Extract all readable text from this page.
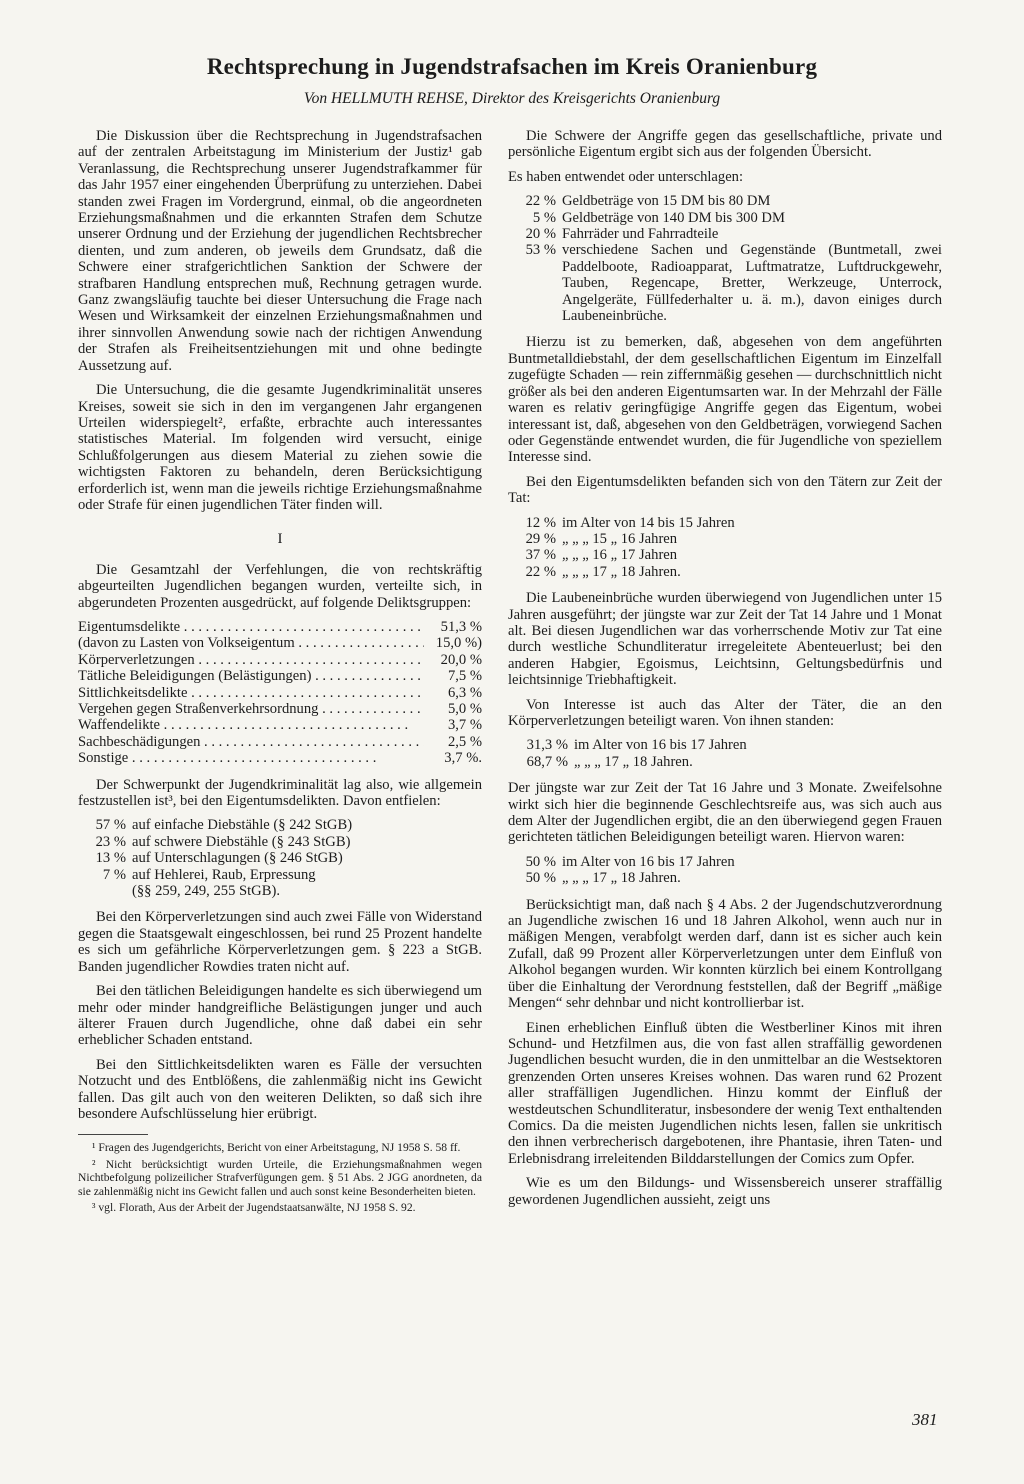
Rechtsprechung in Jugendstrafsachen im Kreis Oranienburg
Von HELLMUTH REHSE, Direktor des Kreisgerichts Oranienburg

Die Diskussion über die Rechtsprechung in Jugendstrafsachen auf der zentralen Arbeitstagung im Ministerium der Justiz¹ gab Veranlassung, die Rechtsprechung unserer Jugendstrafkammer für das Jahr 1957 einer eingehenden Überprüfung zu unterziehen. Dabei standen zwei Fragen im Vordergrund, einmal, ob die angeordneten Erziehungsmaßnahmen und die erkannten Strafen dem Schutze unserer Ordnung und der Erziehung der jugendlichen Rechtsbrecher dienten, und zum anderen, ob jeweils dem Grundsatz, daß die Schwere einer strafgerichtlichen Sanktion der Schwere der strafbaren Handlung entsprechen muß, Rechnung getragen wurde. Ganz zwangsläufig tauchte bei dieser Untersuchung die Frage nach Wesen und Wirksamkeit der einzelnen Erziehungsmaßnahmen und ihrer sinnvollen Anwendung sowie nach der richtigen Anwendung der Strafen als Freiheitsentziehungen mit und ohne bedingte Aussetzung auf.

Die Untersuchung, die die gesamte Jugendkriminalität unseres Kreises, soweit sie sich in den im vergangenen Jahr ergangenen Urteilen widerspiegelt², erfaßte, erbrachte auch interessantes statistisches Material. Im folgenden wird versucht, einige Schlußfolgerungen aus diesem Material zu ziehen sowie die wichtigsten Faktoren zu behandeln, deren Berücksichtigung erforderlich ist, wenn man die jeweils richtige Erziehungsmaßnahme oder Strafe für einen jugendlichen Täter finden will.

I

Die Gesamtzahl der Verfehlungen, die von rechtskräftig abgeurteilten Jugendlichen begangen wurden, verteilte sich, in abgerundeten Prozenten ausgedrückt, auf folgende Deliktsgruppen:

Eigentumsdelikte . . .	51,3 %
(davon zu Lasten von Volkseigentum . . .	15,0 %)
Körperverletzungen . . .	20,0 %
Tätliche Beleidigungen (Belästigungen) . . .	7,5 %
Sittlichkeitsdelikte . . .	6,3 %
Vergehen gegen Straßenverkehrsordnung . . .	5,0 %
Waffendelikte . . .	3,7 %
Sachbeschädigungen . . .	2,5 %
Sonstige . . .	3,7 %.

Der Schwerpunkt der Jugendkriminalität lag also, wie allgemein festzustellen ist³, bei den Eigentumsdelikten. Davon entfielen:

57 % auf einfache Diebstähle (§ 242 StGB)
23 % auf schwere Diebstähle (§ 243 StGB)
13 % auf Unterschlagungen (§ 246 StGB)
7 % auf Hehlerei, Raub, Erpressung
(§§ 259, 249, 255 StGB).

Bei den Körperverletzungen sind auch zwei Fälle von Widerstand gegen die Staatsgewalt eingeschlossen, bei rund 25 Prozent handelte es sich um gefährliche Körperverletzungen gem. § 223 a StGB. Banden jugendlicher Rowdies traten nicht auf.

Bei den tätlichen Beleidigungen handelte es sich überwiegend um mehr oder minder handgreifliche Belästigungen junger und auch älterer Frauen durch Jugendliche, ohne daß dabei ein sehr erheblicher Schaden entstand.

Bei den Sittlichkeitsdelikten waren es Fälle der versuchten Notzucht und des Entblößens, die zahlenmäßig nicht ins Gewicht fallen. Das gilt auch von den weiteren Delikten, so daß sich ihre besondere Aufschlüsselung hier erübrigt.

¹ Fragen des Jugendgerichts, Bericht von einer Arbeitstagung, NJ 1958 S. 58 ff.
² Nicht berücksichtigt wurden Urteile, die Erziehungsmaßnahmen wegen Nichtbefolgung polizeilicher Strafverfügungen gem. § 51 Abs. 2 JGG anordneten, da sie zahlenmäßig nicht ins Gewicht fallen und auch sonst keine Besonderheiten bieten.
³ vgl. Florath, Aus der Arbeit der Jugendstaatsanwälte, NJ 1958 S. 92.

Die Schwere der Angriffe gegen das gesellschaftliche, private und persönliche Eigentum ergibt sich aus der folgenden Übersicht.

Es haben entwendet oder unterschlagen:

22 % Geldbeträge von 15 DM bis 80 DM
5 % Geldbeträge von 140 DM bis 300 DM
20 % Fahrräder und Fahrradteile
53 % verschiedene Sachen und Gegenstände (Buntmetall, zwei Paddelboote, Radioapparat, Luftmatratze, Luftdruckgewehr, Tauben, Regencape, Bretter, Werkzeuge, Unterrock, Angelgeräte, Füllfederhalter u. ä. m.), davon einiges durch Laubeneinbrüche.

Hierzu ist zu bemerken, daß, abgesehen von dem angeführten Buntmetalldiebstahl, der dem gesellschaftlichen Eigentum im Einzelfall zugefügte Schaden — rein ziffernmäßig gesehen — durchschnittlich nicht größer als bei den anderen Eigentumsarten war. In der Mehrzahl der Fälle waren es relativ geringfügige Angriffe gegen das Eigentum, wobei interessant ist, daß, abgesehen von den Geldbeträgen, vorwiegend Sachen oder Gegenstände entwendet wurden, die für Jugendliche von speziellem Interesse sind.

Bei den Eigentumsdelikten befanden sich von den Tätern zur Zeit der Tat:

12 % im Alter von 14 bis 15 Jahren
29 % „ „ „ 15 „ 16 Jahren
37 % „ „ „ 16 „ 17 Jahren
22 % „ „ „ 17 „ 18 Jahren.

Die Laubeneinbrüche wurden überwiegend von Jugendlichen unter 15 Jahren ausgeführt; der jüngste war zur Zeit der Tat 14 Jahre und 1 Monat alt. Bei diesen Jugendlichen war das vorherrschende Motiv zur Tat eine durch westliche Schundliteratur irregeleitete Abenteuerlust; bei den anderen Habgier, Egoismus, Leichtsinn, Geltungsbedürfnis und leichtsinnige Triebhaftigkeit.

Von Interesse ist auch das Alter der Täter, die an den Körperverletzungen beteiligt waren. Von ihnen standen:

31,3 % im Alter von 16 bis 17 Jahren
68,7 % „ „ „ 17 „ 18 Jahren.

Der jüngste war zur Zeit der Tat 16 Jahre und 3 Monate. Zweifelsohne wirkt sich hier die beginnende Geschlechtsreife aus, was sich auch aus dem Alter der Jugendlichen ergibt, die an den überwiegend gegen Frauen gerichteten tätlichen Beleidigungen beteiligt waren. Hiervon waren:

50 % im Alter von 16 bis 17 Jahren
50 % „ „ „ 17 „ 18 Jahren.

Berücksichtigt man, daß nach § 4 Abs. 2 der Jugendschutzverordnung an Jugendliche zwischen 16 und 18 Jahren Alkohol, wenn auch nur in mäßigen Mengen, verabfolgt werden darf, dann ist es sicher auch kein Zufall, daß 99 Prozent aller Körperverletzungen unter dem Einfluß von Alkohol begangen wurden. Wir konnten kürzlich bei einem Kontrollgang über die Einhaltung der Verordnung feststellen, daß der Begriff „mäßige Mengen“ sehr dehnbar und nicht kontrollierbar ist.

Einen erheblichen Einfluß übten die Westberliner Kinos mit ihren Schund- und Hetzfilmen aus, die von fast allen straffällig gewordenen Jugendlichen besucht wurden, die in den unmittelbar an die Westsektoren grenzenden Orten unseres Kreises wohnen. Das waren rund 62 Prozent aller straffälligen Jugendlichen. Hinzu kommt der Einfluß der westdeutschen Schundliteratur, insbesondere der wenig Text enthaltenden Comics. Da die meisten Jugendlichen nichts lesen, fallen sie unkritisch den ihnen verbrecherisch dargebotenen, ihre Phantasie, ihren Taten- und Erlebnisdrang irreleitenden Bilddarstellungen der Comics zum Opfer.

Wie es um den Bildungs- und Wissensbereich unserer straffällig gewordenen Jugendlichen aussieht, zeigt uns

381
